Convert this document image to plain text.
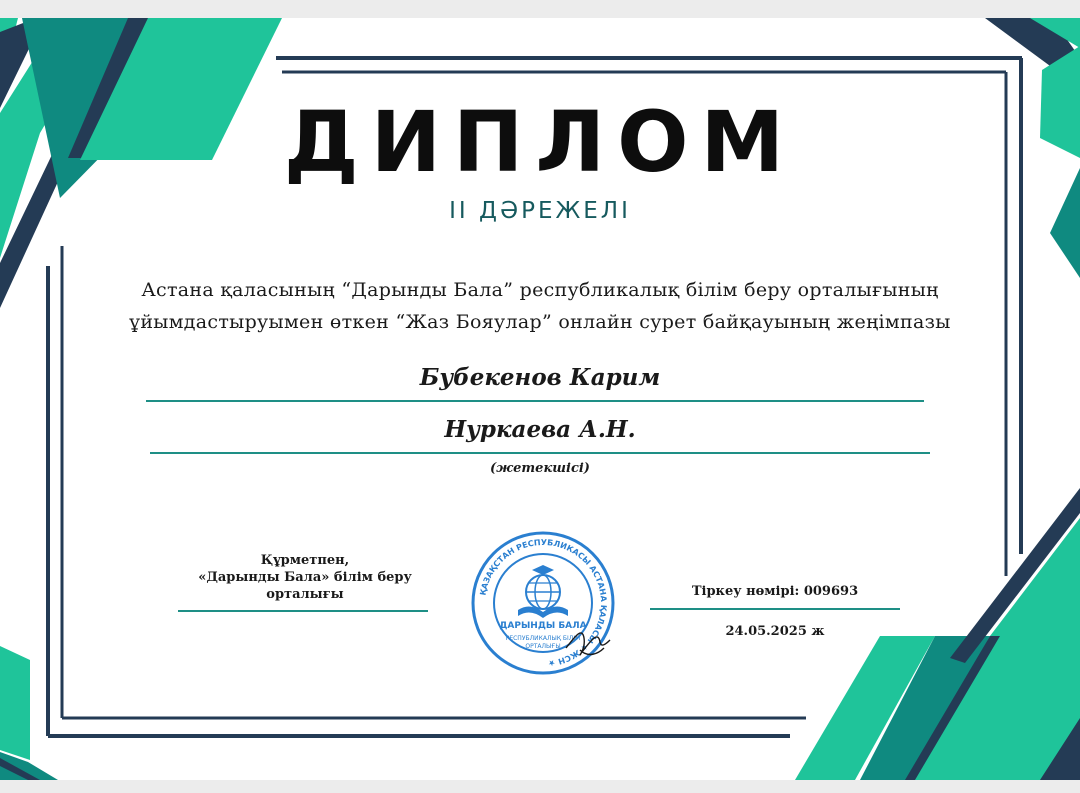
ДИПЛОМ
II ДӘРЕЖЕЛІ
Астана қаласының “Дарынды Бала” республикалық білім беру орталығының
ұйымдастыруымен өткен “Жаз Бояулар” онлайн сурет байқауының жеңімпазы
Бубекенов Карим
Нуркаева А.Н.
(жетекшісі)
Құрметпен,
«Дарынды Бала» білім беру
орталығы	Тіркеу нөмірі: 009693
24.05.2025 ж
ҚАЗАҚСТАН РЕСПУБЛИКАСЫ АСТАНА ҚАЛАСЫ ★ ЖСН ★
ДАРЫНДЫ БАЛА
РЕСПУБЛИКАЛЫҚ БІЛІМ
ОРТАЛЫҒЫ
